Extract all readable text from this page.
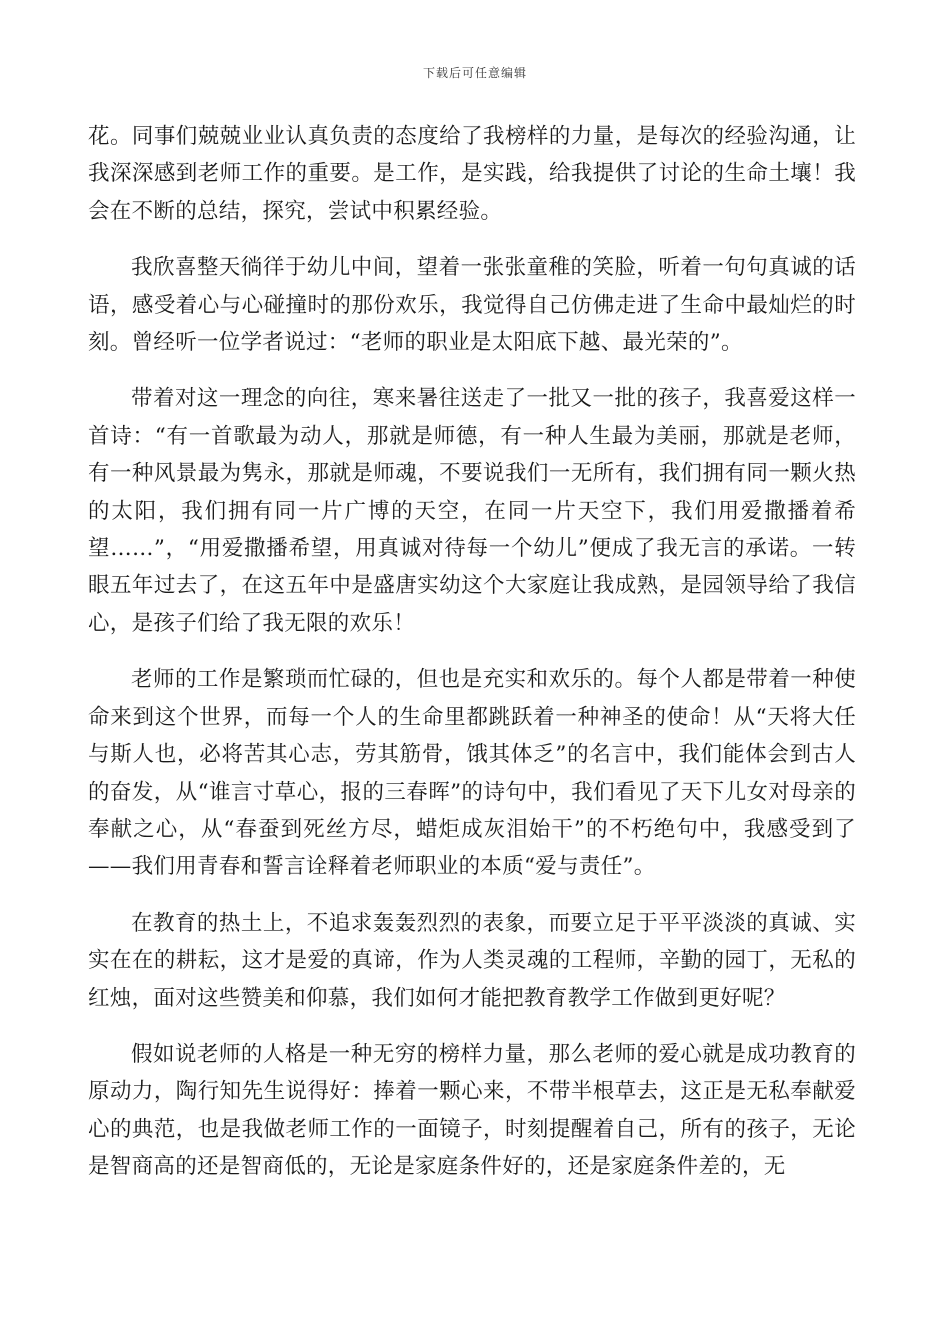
下载后可任意编辑

花。同事们兢兢业业认真负责的态度给了我榜样的力量，是每次的经验沟通，让我深深感到老师工作的重要。是工作，是实践，给我提供了讨论的生命土壤！我会在不断的总结，探究，尝试中积累经验。

我欣喜整天徜徉于幼儿中间，望着一张张童稚的笑脸，听着一句句真诚的话语，感受着心与心碰撞时的那份欢乐，我觉得自己仿佛走进了生命中最灿烂的时刻。曾经听一位学者说过：“老师的职业是太阳底下越、最光荣的”。

带着对这一理念的向往，寒来暑往送走了一批又一批的孩子，我喜爱这样一首诗：“有一首歌最为动人，那就是师德，有一种人生最为美丽，那就是老师，有一种风景最为隽永，那就是师魂，不要说我们一无所有，我们拥有同一颗火热的太阳，我们拥有同一片广博的天空，在同一片天空下，我们用爱撒播着希望……”，“用爱撒播希望，用真诚对待每一个幼儿”便成了我无言的承诺。一转眼五年过去了，在这五年中是盛唐实幼这个大家庭让我成熟，是园领导给了我信心，是孩子们给了我无限的欢乐！

老师的工作是繁琐而忙碌的，但也是充实和欢乐的。每个人都是带着一种使命来到这个世界，而每一个人的生命里都跳跃着一种神圣的使命！从“天将大任与斯人也，必将苦其心志，劳其筋骨，饿其体乏”的名言中，我们能体会到古人的奋发，从“谁言寸草心，报的三春晖”的诗句中，我们看见了天下儿女对母亲的奉献之心，从“春蚕到死丝方尽，蜡炬成灰泪始干”的不朽绝句中，我感受到了——我们用青春和誓言诠释着老师职业的本质“爱与责任”。

在教育的热土上，不追求轰轰烈烈的表象，而要立足于平平淡淡的真诚、实实在在的耕耘，这才是爱的真谛，作为人类灵魂的工程师，辛勤的园丁，无私的红烛，面对这些赞美和仰慕，我们如何才能把教育教学工作做到更好呢？

假如说老师的人格是一种无穷的榜样力量，那么老师的爱心就是成功教育的原动力，陶行知先生说得好：捧着一颗心来，不带半根草去，这正是无私奉献爱心的典范，也是我做老师工作的一面镜子，时刻提醒着自己，所有的孩子，无论是智商高的还是智商低的，无论是家庭条件好的，还是家庭条件差的，无
